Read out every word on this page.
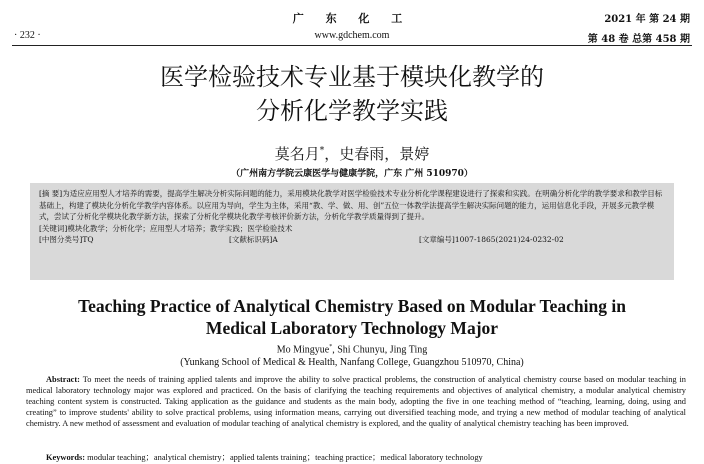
广 东 化 工
www.gdchem.com
· 232 ·
2021 年 第 24 期
第 48 卷 总第 458 期
医学检验技术专业基于模块化教学的
分析化学教学实践
莫名月*，史春雨，景婷
（广州南方学院云康医学与健康学院，广东 广州 510970）

[摘 要]为适应应用型人才培养的需要，提高学生解决分析实际问题的能力，采用模块化教学对医学检验技术专业分析化学课程建设进行了探索和实践。在明确分析化学的教学要求和教学目标基础上，构建了模块化分析化学教学内容体系。以应用为导向，学生为主体，采用“教、学、做、用、创”五位一体教学法提高学生解决实际问题的能力，运用信息化手段，开展多元教学模式，尝试了分析化学模块化教学新方法，探索了分析化学模块化教学考核评价新方法，分析化学教学质量得到了提升。

[关键词]模块化教学；分析化学；应用型人才培养；教学实践；医学检验技术

[中图分类号]TQ	[文献标识码]A	[文章编号]1007-1865(2021)24-0232-02
Teaching Practice of Analytical Chemistry Based on Modular Teaching in
Medical Laboratory Technology Major
Mo Mingyue*, Shi Chunyu, Jing Ting
(Yunkang School of Medical & Health, Nanfang College, Guangzhou 510970, China)

Abstract: To meet the needs of training applied talents and improve the ability to solve practical problems, the construction of analytical chemistry course based on modular teaching in medical laboratory technology major was explored and practiced. On the basis of clarifying the teaching requirements and objectives of analytical chemistry, a modular analytical chemistry teaching content system is constructed. Taking application as the guidance and students as the main body, adopting the five in one teaching method of “teaching, learning, doing, using and creating” to improve students' ability to solve practical problems, using information means, carrying out diversified teaching mode, and trying a new method of modular teaching of analytical chemistry. A new method of assessment and evaluation of modular teaching of analytical chemistry is explored, and the quality of analytical chemistry teaching has been improved.

Keywords: modular teaching；analytical chemistry；applied talents training；teaching practice；medical laboratory technology
